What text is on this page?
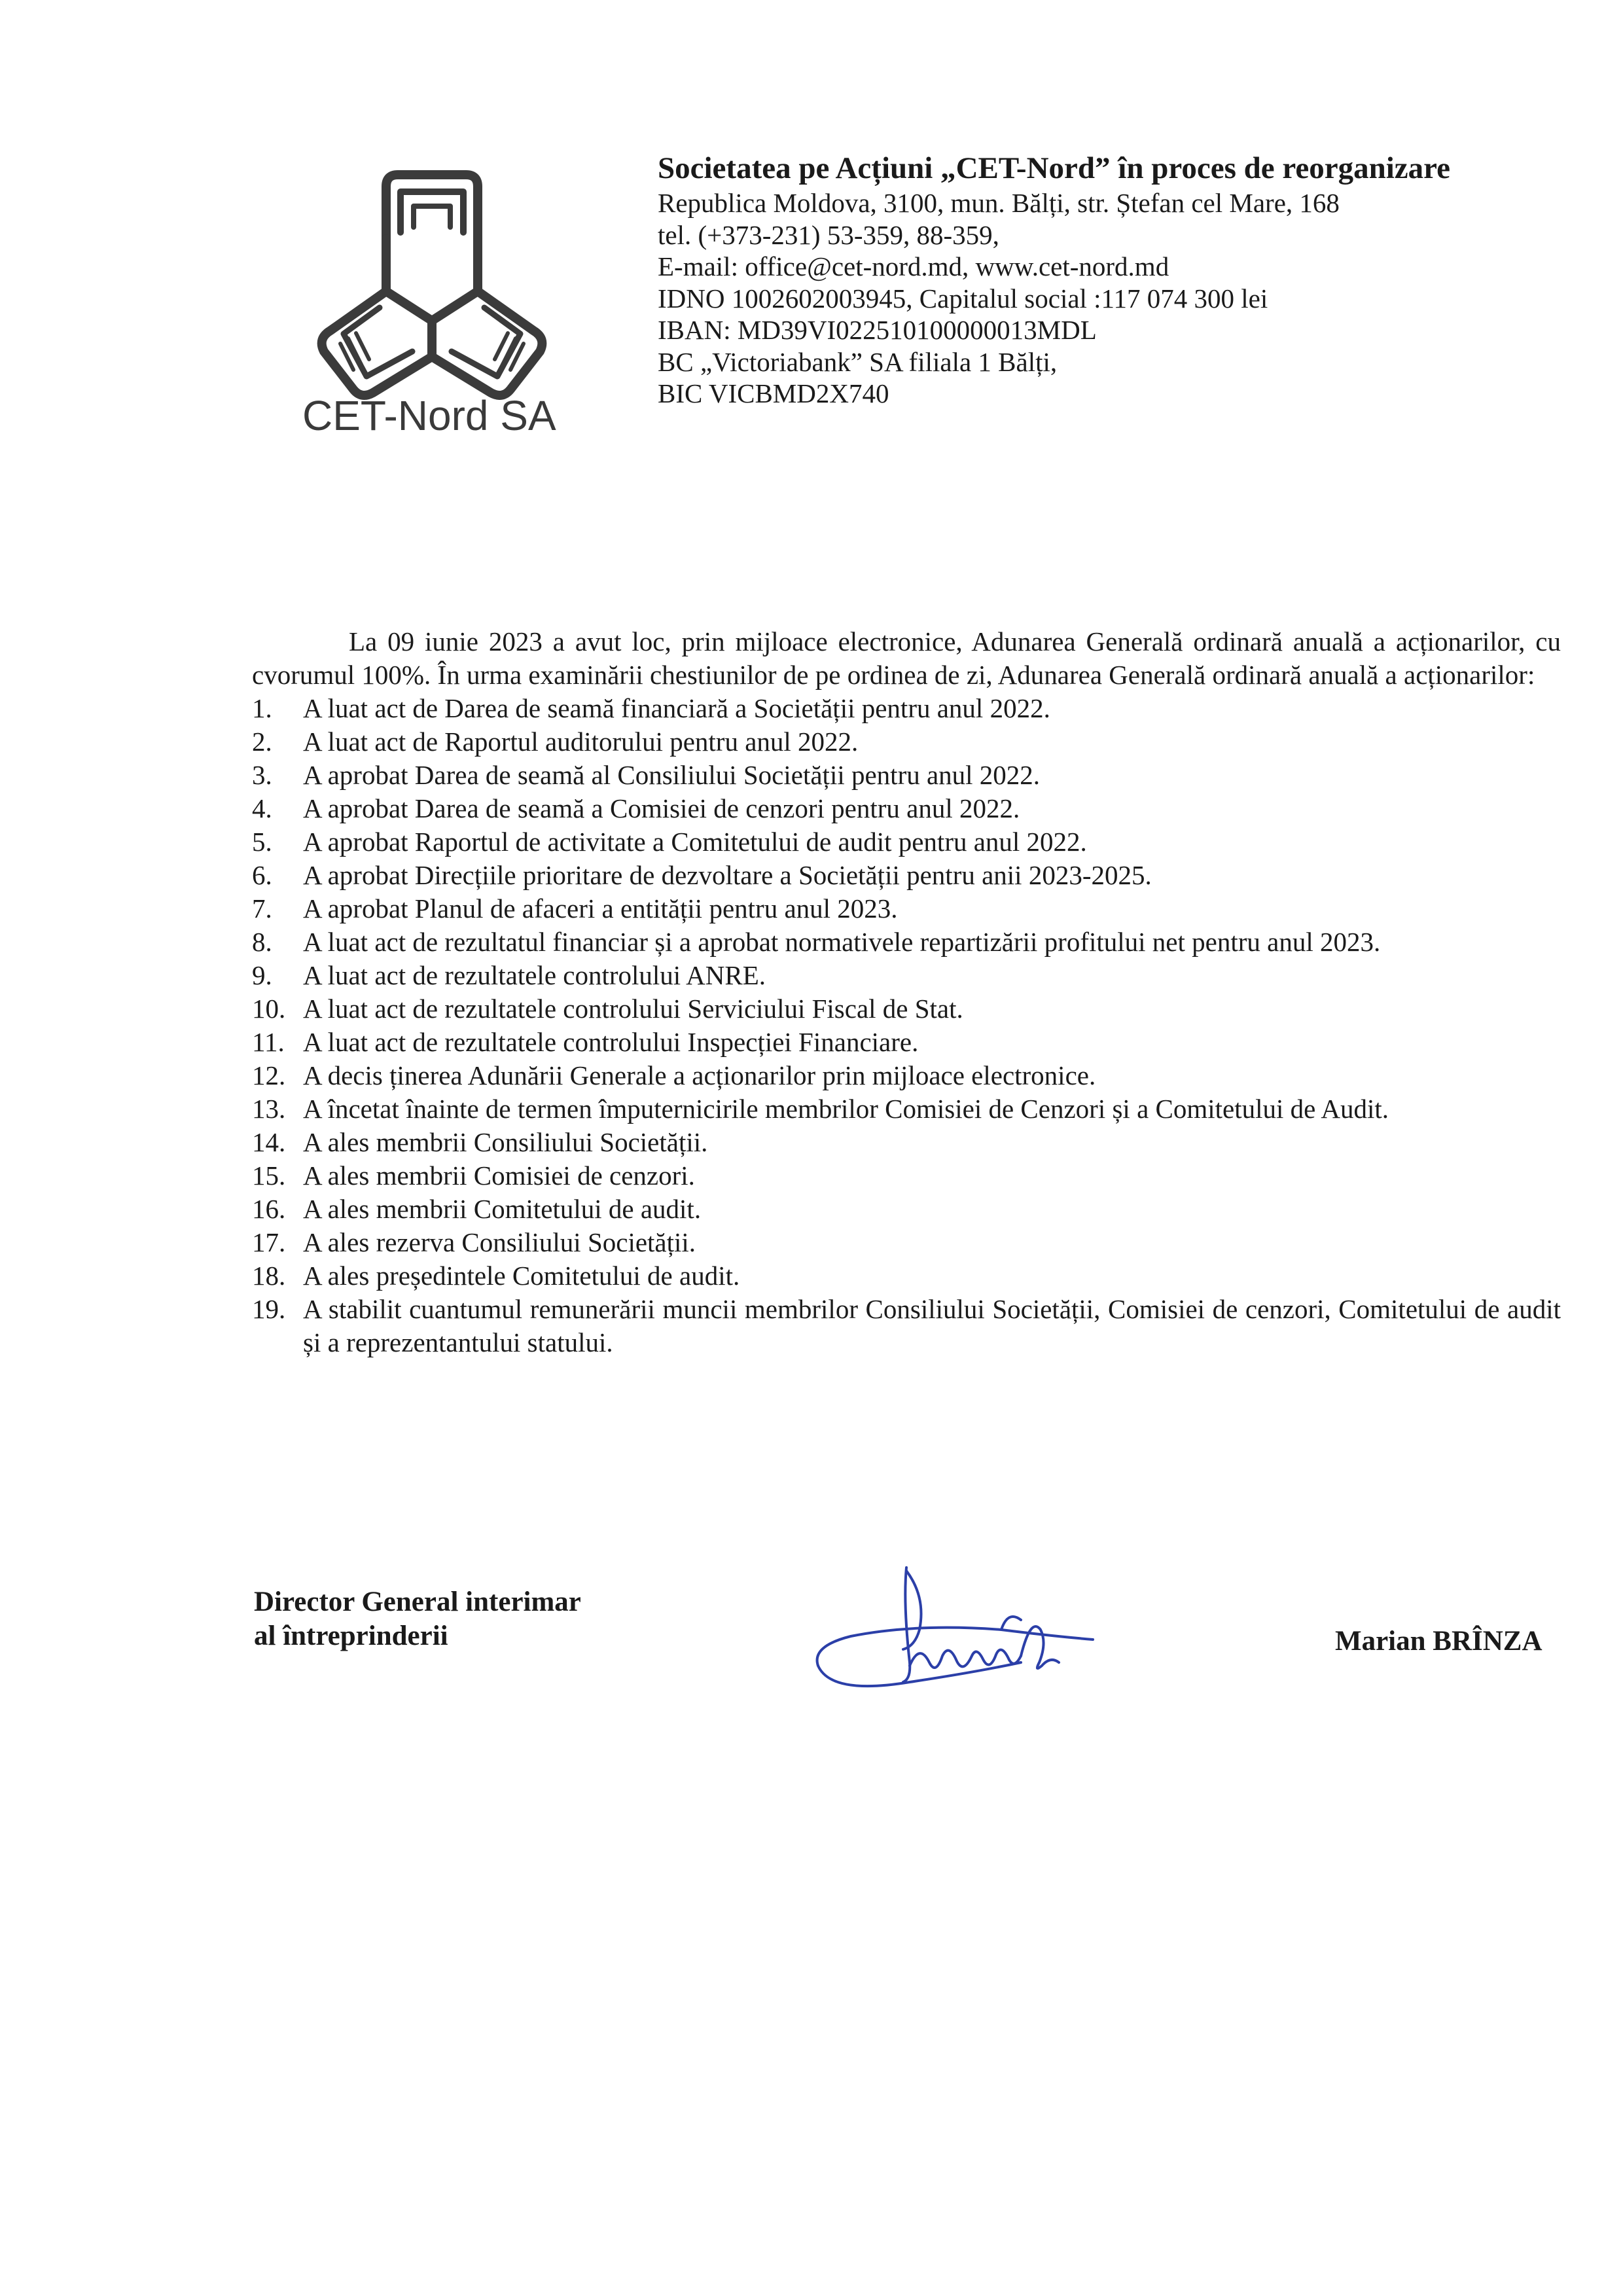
CET-Nord SA
Societatea pe Acțiuni „CET-Nord” în proces de reorganizare
Republica Moldova, 3100, mun. Bălți, str. Ștefan cel Mare, 168
tel. (+373-231) 53-359, 88-359,
E-mail: office@cet-nord.md, www.cet-nord.md
IDNO 1002602003945, Capitalul social :117 074 300 lei
IBAN: MD39VI022510100000013MDL
BC „Victoriabank” SA filiala 1 Bălți,
BIC VICBMD2X740

La 09 iunie 2023 a avut loc, prin mijloace electronice, Adunarea Generală ordinară anuală a acționarilor, cu cvorumul 100%. În urma examinării chestiunilor de pe ordinea de zi, Adunarea Generală ordinară anuală a acționarilor:

1.	A luat act de Darea de seamă financiară a Societății pentru anul 2022.
2.	A luat act de Raportul auditorului pentru anul 2022.
3.	A aprobat Darea de seamă al Consiliului Societății pentru anul 2022.
4.	A aprobat Darea de seamă a Comisiei de cenzori pentru anul 2022.
5.	A aprobat Raportul de activitate a Comitetului de audit pentru anul 2022.
6.	A aprobat Direcțiile prioritare de dezvoltare a Societății pentru anii 2023-2025.
7.	A aprobat Planul de afaceri a entității pentru anul 2023.
8.	A luat act de rezultatul financiar și a aprobat normativele repartizării profitului net pentru anul 2023.
9.	A luat act de rezultatele controlului ANRE.
10. A luat act de rezultatele controlului Serviciului Fiscal de Stat.
11. A luat act de rezultatele controlului Inspecției Financiare.
12. A decis ținerea Adunării Generale a acționarilor prin mijloace electronice.
13. A încetat înainte de termen împuternicirile membrilor Comisiei de Cenzori și a Comitetului de Audit.
14. A ales membrii Consiliului Societății.
15. A ales membrii Comisiei de cenzori.
16. A ales membrii Comitetului de audit.
17. A ales rezerva Consiliului Societății.
18. A ales președintele Comitetului de audit.
19. A stabilit cuantumul remunerării muncii membrilor Consiliului Societății, Comisiei de cenzori, Comitetului de audit și a reprezentantului statului.
Director General interimar
al întreprinderii	Marian BRÎNZA
